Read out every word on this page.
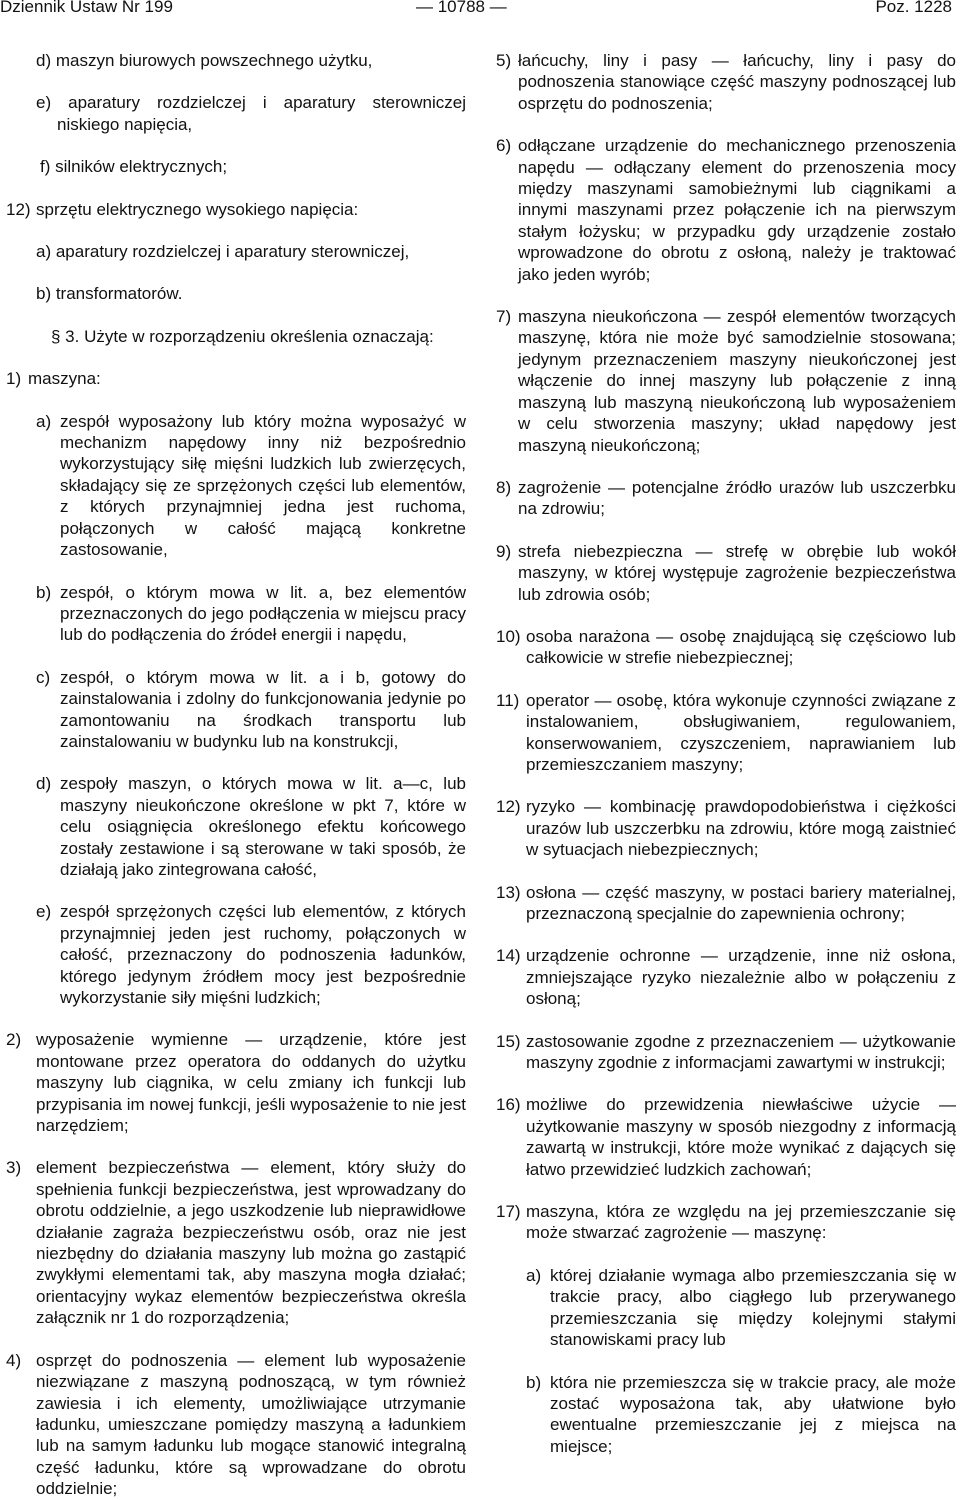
Dziennik Ustaw Nr 199	— 10788 —	Poz. 1228
d) maszyn biurowych powszechnego użytku,
e) aparatury rozdzielczej i aparatury sterowniczej niskiego napięcia,
f) silników elektrycznych;
12) sprzętu elektrycznego wysokiego napięcia:
a) aparatury rozdzielczej i aparatury sterowniczej,
b) transformatorów.
§ 3. Użyte w rozporządzeniu określenia oznaczają:
1) maszyna:
a) zespół wyposażony lub który można wyposażyć w mechanizm napędowy inny niż bezpośrednio wykorzystujący siłę mięśni ludzkich lub zwierzęcych, składający się ze sprzężonych części lub elementów, z których przynajmniej jedna jest ruchoma, połączonych w całość mającą konkretne zastosowanie,
b) zespół, o którym mowa w lit. a, bez elementów przeznaczonych do jego podłączenia w miejscu pracy lub do podłączenia do źródeł energii i napędu,
c) zespół, o którym mowa w lit. a i b, gotowy do zainstalowania i zdolny do funkcjonowania jedynie po zamontowaniu na środkach transportu lub zainstalowaniu w budynku lub na konstrukcji,
d) zespoły maszyn, o których mowa w lit. a—c, lub maszyny nieukończone określone w pkt 7, które w celu osiągnięcia określonego efektu końcowego zostały zestawione i są sterowane w taki sposób, że działają jako zintegrowana całość,
e) zespół sprzężonych części lub elementów, z których przynajmniej jeden jest ruchomy, połączonych w całość, przeznaczony do podnoszenia ładunków, którego jedynym źródłem mocy jest bezpośrednie wykorzystanie siły mięśni ludzkich;
2) wyposażenie wymienne — urządzenie, które jest montowane przez operatora do oddanych do użytku maszyny lub ciągnika, w celu zmiany ich funkcji lub przypisania im nowej funkcji, jeśli wyposażenie to nie jest narzędziem;
3) element bezpieczeństwa — element, który służy do spełnienia funkcji bezpieczeństwa, jest wprowadzany do obrotu oddzielnie, a jego uszkodzenie lub nieprawidłowe działanie zagraża bezpieczeństwu osób, oraz nie jest niezbędny do działania maszyny lub można go zastąpić zwykłymi elementami tak, aby maszyna mogła działać; orientacyjny wykaz elementów bezpieczeństwa określa załącznik nr 1 do rozporządzenia;
4) osprzęt do podnoszenia — element lub wyposażenie niezwiązane z maszyną podnoszącą, w tym również zawiesia i ich elementy, umożliwiające utrzymanie ładunku, umieszczane pomiędzy maszyną a ładunkiem lub na samym ładunku lub mogące stanowić integralną część ładunku, które są wprowadzane do obrotu oddzielnie;
5) łańcuchy, liny i pasy — łańcuchy, liny i pasy do podnoszenia stanowiące część maszyny podnoszącej lub osprzętu do podnoszenia;
6) odłączane urządzenie do mechanicznego przenoszenia napędu — odłączany element do przenoszenia mocy między maszynami samobieżnymi lub ciągnikami a innymi maszynami przez połączenie ich na pierwszym stałym łożysku; w przypadku gdy urządzenie zostało wprowadzone do obrotu z osłoną, należy je traktować jako jeden wyrób;
7) maszyna nieukończona — zespół elementów tworzących maszynę, która nie może być samodzielnie stosowana; jedynym przeznaczeniem maszyny nieukończonej jest włączenie do innej maszyny lub połączenie z inną maszyną lub maszyną nieukończoną lub wyposażeniem w celu stworzenia maszyny; układ napędowy jest maszyną nieukończoną;
8) zagrożenie — potencjalne źródło urazów lub uszczerbku na zdrowiu;
9) strefa niebezpieczna — strefę w obrębie lub wokół maszyny, w której występuje zagrożenie bezpieczeństwa lub zdrowia osób;
10) osoba narażona — osobę znajdującą się częściowo lub całkowicie w strefie niebezpiecznej;
11) operator — osobę, która wykonuje czynności związane z instalowaniem, obsługiwaniem, regulowaniem, konserwowaniem, czyszczeniem, naprawianiem lub przemieszczaniem maszyny;
12) ryzyko — kombinację prawdopodobieństwa i ciężkości urazów lub uszczerbku na zdrowiu, które mogą zaistnieć w sytuacjach niebezpiecznych;
13) osłona — część maszyny, w postaci bariery materialnej, przeznaczoną specjalnie do zapewnienia ochrony;
14) urządzenie ochronne — urządzenie, inne niż osłona, zmniejszające ryzyko niezależnie albo w połączeniu z osłoną;
15) zastosowanie zgodne z przeznaczeniem — użytkowanie maszyny zgodnie z informacjami zawartymi w instrukcji;
16) możliwe do przewidzenia niewłaściwe użycie — użytkowanie maszyny w sposób niezgodny z informacją zawartą w instrukcji, które może wynikać z dających się łatwo przewidzieć ludzkich zachowań;
17) maszyna, która ze względu na jej przemieszczanie się może stwarzać zagrożenie — maszynę:
a) której działanie wymaga albo przemieszczania się w trakcie pracy, albo ciągłego lub przerywanego przemieszczania się między kolejnymi stałymi stanowiskami pracy lub
b) która nie przemieszcza się w trakcie pracy, ale może zostać wyposażona tak, aby ułatwione było ewentualne przemieszczanie jej z miejsca na miejsce;
